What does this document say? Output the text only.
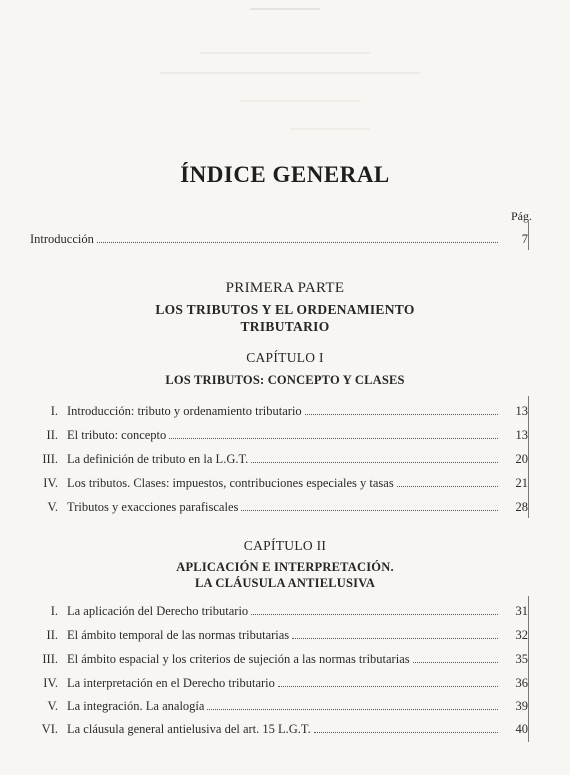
ÍNDICE GENERAL
Pág.
Introducción	7
PRIMERA PARTE
LOS TRIBUTOS Y EL ORDENAMIENTO
TRIBUTARIO
CAPÍTULO I
LOS TRIBUTOS: CONCEPTO Y CLASES
I. Introducción: tributo y ordenamiento tributario	13
II. El tributo: concepto	13
III. La definición de tributo en la L.G.T.	20
IV. Los tributos. Clases: impuestos, contribuciones especiales y tasas	21
V. Tributos y exacciones parafiscales	28
CAPÍTULO II
APLICACIÓN E INTERPRETACIÓN.
LA CLÁUSULA ANTIELUSIVA
I. La aplicación del Derecho tributario	31
II. El ámbito temporal de las normas tributarias	32
III. El ámbito espacial y los criterios de sujeción a las normas tributarias	35
IV. La interpretación en el Derecho tributario	36
V. La integración. La analogía	39
VI. La cláusula general antielusiva del art. 15 L.G.T.	40
